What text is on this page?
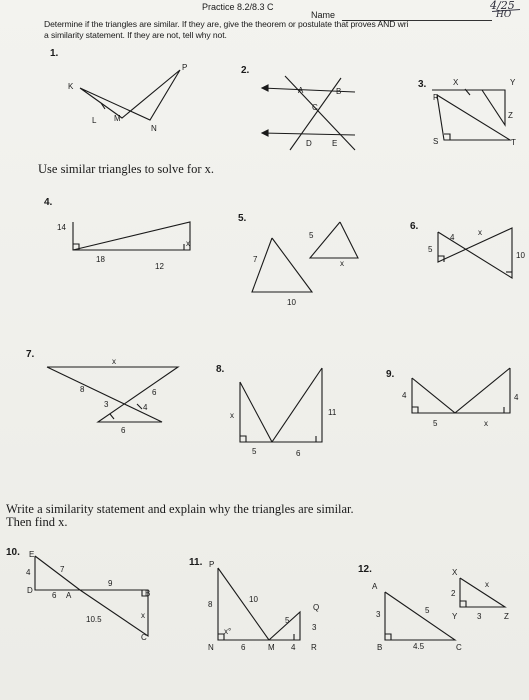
Practice 8.2/8.3 C
Name
4/25
HO
Determine if the triangles are similar. If they are, give the theorem or postulate that proves AND wri
a similarity statement. If they are not, tell why not.
Use similar triangles to solve for x.
Write a similarity statement and explain why the triangles are similar.
Then find x.
1.
2.
3.
4.
5.
6.
7.
8.	9.
10.
11.
12.
K
P
L M
N
A	B
C
D	E
X	Y
R
Z
S	T
14
18
12
x
5
7
10
x
5
4
x
10
x
8
3	4
6
6
x	11
5	6
4	4
5	x
E
4	7
D
6 A
9
B
x
10.5
C
P
8
10
x°
5
Q
3
N	6	M 4 R
X
2
x
A
5
Y 3	Z
3
B	4.5	C
